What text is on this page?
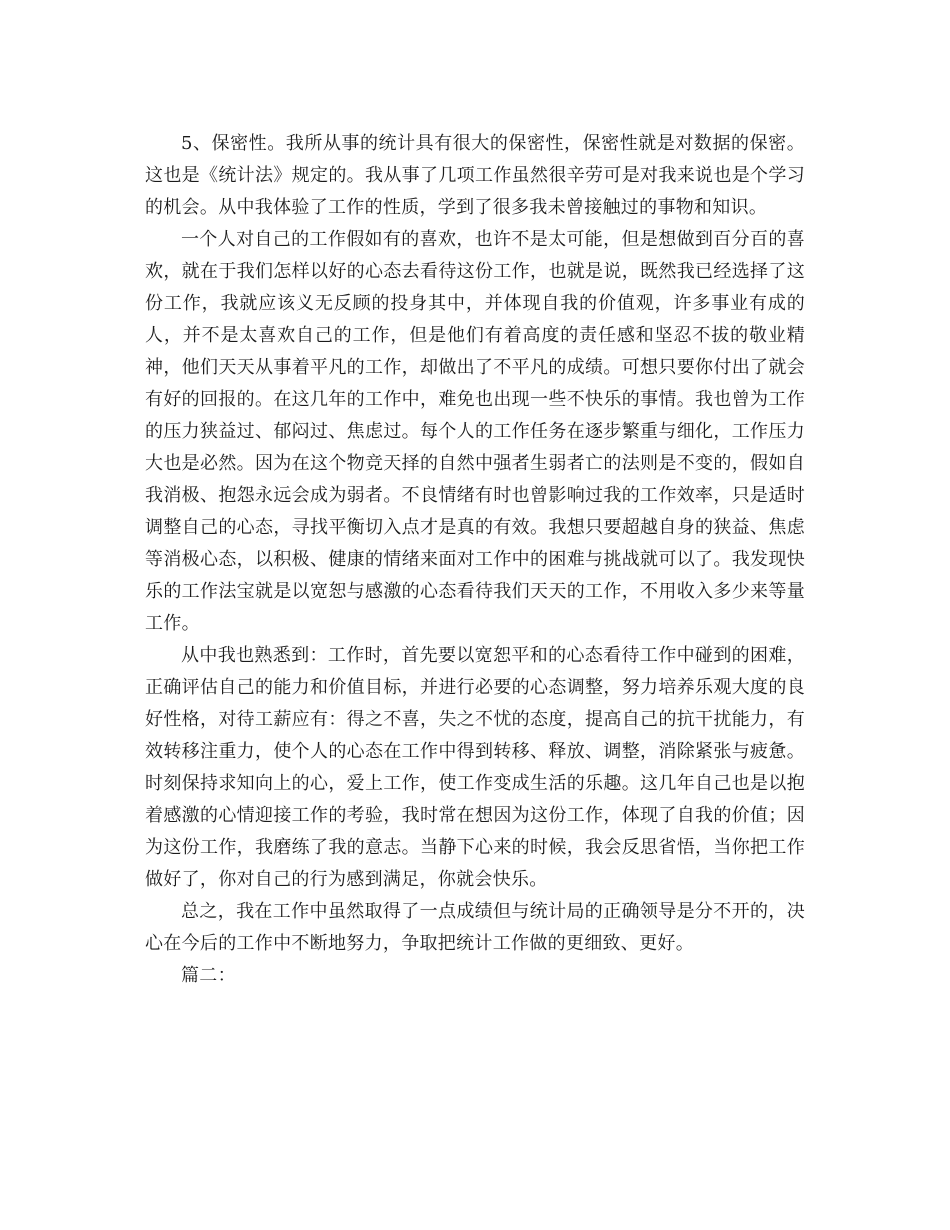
5、保密性。我所从事的统计具有很大的保密性，保密性就是对数据的保密。这也是《统计法》规定的。我从事了几项工作虽然很辛劳可是对我来说也是个学习的机会。从中我体验了工作的性质，学到了很多我未曾接触过的事物和知识。

一个人对自己的工作假如有的喜欢，也许不是太可能，但是想做到百分百的喜欢，就在于我们怎样以好的心态去看待这份工作，也就是说，既然我已经选择了这份工作，我就应该义无反顾的投身其中，并体现自我的价值观，许多事业有成的人，并不是太喜欢自己的工作，但是他们有着高度的责任感和坚忍不拔的敬业精神，他们天天从事着平凡的工作，却做出了不平凡的成绩。可想只要你付出了就会有好的回报的。在这几年的工作中，难免也出现一些不快乐的事情。我也曾为工作的压力狭益过、郁闷过、焦虑过。每个人的工作任务在逐步繁重与细化，工作压力大也是必然。因为在这个物竞天择的自然中强者生弱者亡的法则是不变的，假如自我消极、抱怨永远会成为弱者。不良情绪有时也曾影响过我的工作效率，只是适时调整自己的心态，寻找平衡切入点才是真的有效。我想只要超越自身的狭益、焦虑等消极心态，以积极、健康的情绪来面对工作中的困难与挑战就可以了。我发现快乐的工作法宝就是以宽恕与感激的心态看待我们天天的工作，不用收入多少来等量工作。

从中我也熟悉到：工作时，首先要以宽恕平和的心态看待工作中碰到的困难，正确评估自己的能力和价值目标，并进行必要的心态调整，努力培养乐观大度的良好性格，对待工薪应有：得之不喜，失之不忧的态度，提高自己的抗干扰能力，有效转移注重力，使个人的心态在工作中得到转移、释放、调整，消除紧张与疲惫。时刻保持求知向上的心，爱上工作，使工作变成生活的乐趣。这几年自己也是以抱着感激的心情迎接工作的考验，我时常在想因为这份工作，体现了自我的价值；因为这份工作，我磨练了我的意志。当静下心来的时候，我会反思省悟，当你把工作做好了，你对自己的行为感到满足，你就会快乐。

总之，我在工作中虽然取得了一点成绩但与统计局的正确领导是分不开的，决心在今后的工作中不断地努力，争取把统计工作做的更细致、更好。

篇二：
